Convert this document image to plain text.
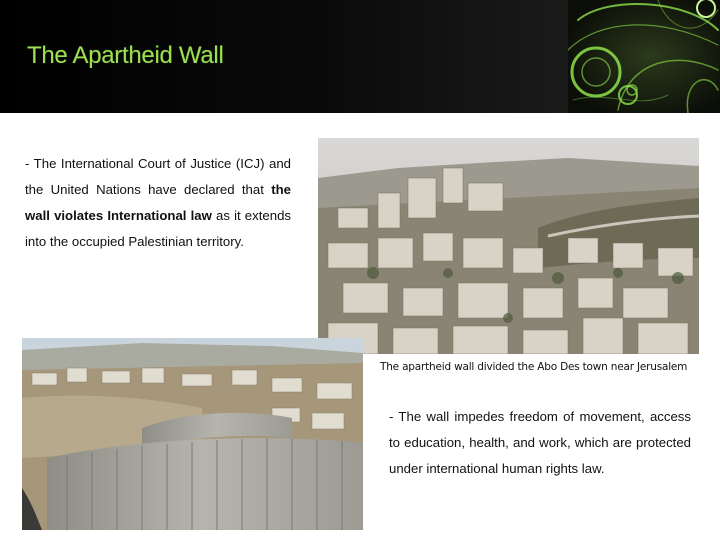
The Apartheid Wall
- The International Court of Justice (ICJ) and the United Nations have declared that the wall violates International law as it extends into the occupied Palestinian territory.
The apartheid wall divided the Abo Des town near Jerusalem
- The wall impedes freedom of movement, access to education, health, and work, which are protected under international human rights law.
